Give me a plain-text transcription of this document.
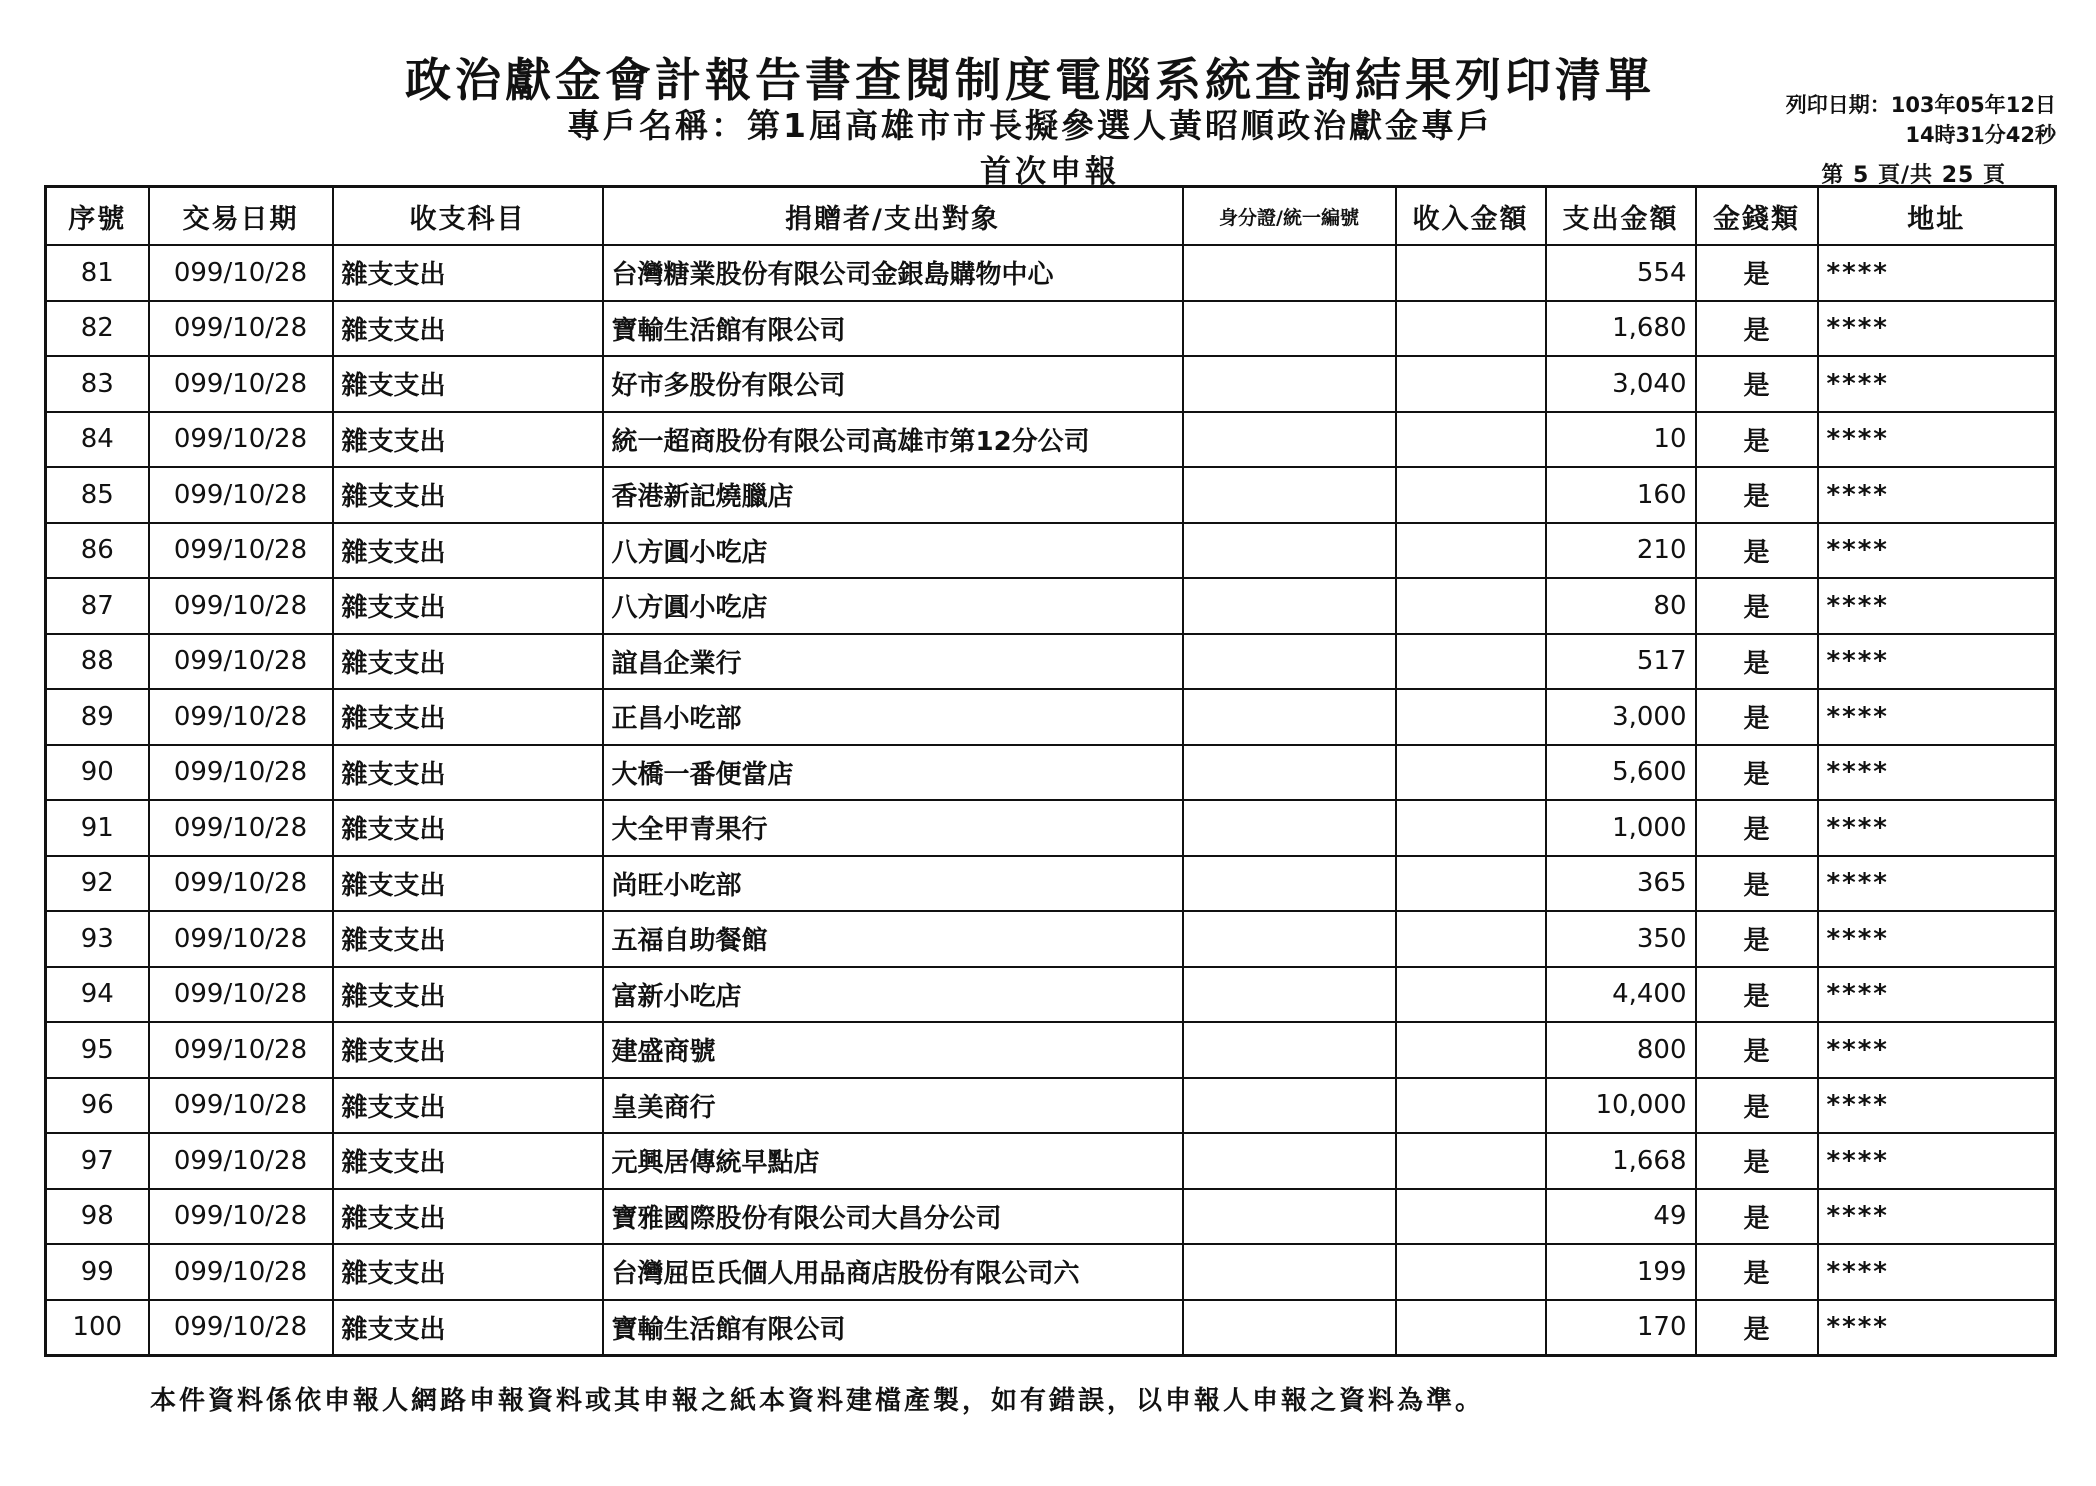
政治獻金會計報告書查閱制度電腦系統查詢結果列印清單
專戶名稱：第1屆高雄市市長擬參選人黃昭順政治獻金專戶
首次申報
列印日期：103年05年12日
14時31分42秒
第 5 頁/共 25 頁
序號	交易日期	收支科目	捐贈者/支出對象	身分證/統一編號	收入金額	支出金額	金錢類	地址
81	099/10/28	雜支支出	台灣糖業股份有限公司金銀島購物中心			554	是	****
82	099/10/28	雜支支出	寶輸生活館有限公司			1,680	是	****
83	099/10/28	雜支支出	好市多股份有限公司			3,040	是	****
84	099/10/28	雜支支出	統一超商股份有限公司高雄市第12分公司			10	是	****
85	099/10/28	雜支支出	香港新記燒臘店			160	是	****
86	099/10/28	雜支支出	八方圓小吃店			210	是	****
87	099/10/28	雜支支出	八方圓小吃店			80	是	****
88	099/10/28	雜支支出	誼昌企業行			517	是	****
89	099/10/28	雜支支出	正昌小吃部			3,000	是	****
90	099/10/28	雜支支出	大橋一番便當店			5,600	是	****
91	099/10/28	雜支支出	大全甲青果行			1,000	是	****
92	099/10/28	雜支支出	尚旺小吃部			365	是	****
93	099/10/28	雜支支出	五福自助餐館			350	是	****
94	099/10/28	雜支支出	富新小吃店			4,400	是	****
95	099/10/28	雜支支出	建盛商號			800	是	****
96	099/10/28	雜支支出	皇美商行			10,000	是	****
97	099/10/28	雜支支出	元興居傳統早點店			1,668	是	****
98	099/10/28	雜支支出	寶雅國際股份有限公司大昌分公司			49	是	****
99	099/10/28	雜支支出	台灣屈臣氏個人用品商店股份有限公司六			199	是	****
100	099/10/28	雜支支出	寶輸生活館有限公司			170	是	****
本件資料係依申報人網路申報資料或其申報之紙本資料建檔產製，如有錯誤，以申報人申報之資料為準。
